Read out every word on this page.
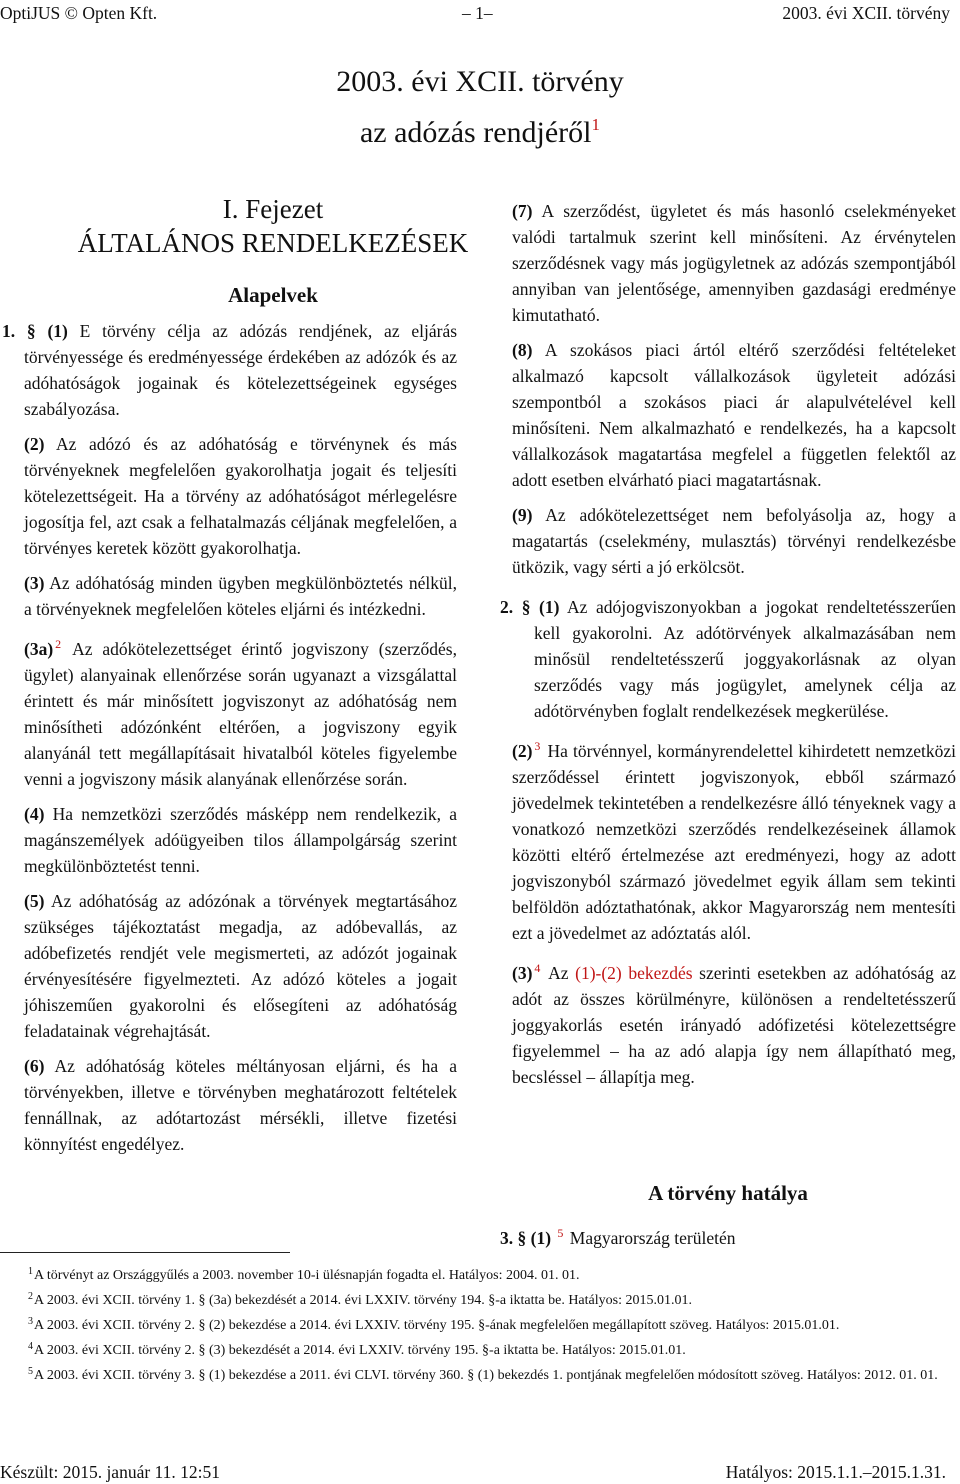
OptiJUS © Opten Kft.	– 1–	2003. évi XCII. törvény
2003. évi XCII. törvény
az adózás rendjéről$^1$
I. Fejezet
ÁLTALÁNOS RENDELKEZÉSEK
Alapelvek

1. § (1) E törvény célja az adózás rendjének, az eljárás törvényessége és eredményessége érdekében az adózók és az adóhatóságok jogainak és kötelezettségeinek egységes szabályozása.

(2) Az adózó és az adóhatóság e törvénynek és más törvényeknek megfelelően gyakorolhatja jogait és teljesíti kötelezettségeit. Ha a törvény az adóhatóságot mérlegelésre jogosítja fel, azt csak a felhatalmazás céljának megfelelően, a törvényes keretek között gyakorolhatja.

(3) Az adóhatóság minden ügyben megkülönböztetés nélkül, a törvényeknek megfelelően köteles eljárni és intézkedni.

(3a) $^2$ Az adókötelezettséget érintő jogviszony (szerződés, ügylet) alanyainak ellenőrzése során ugyanazt a vizsgálattal érintett és már minősített jogviszonyt az adóhatóság nem minősítheti adózónként eltérően, a jogviszony egyik alanyánál tett megállapításait hivatalból köteles figyelembe venni a jogviszony másik alanyának ellenőrzése során.

(4) Ha nemzetközi szerződés másképp nem rendelkezik, a magánszemélyek adóügyeiben tilos állampolgárság szerint megkülönböztetést tenni.

(5) Az adóhatóság az adózónak a törvények megtartásához szükséges tájékoztatást megadja, az adóbevallás, az adóbefizetés rendjét vele megismerteti, az adózót jogainak érvényesítésére figyelmezteti. Az adózó köteles a jogait jóhiszeműen gyakorolni és elősegíteni az adóhatóság feladatainak végrehajtását.

(6) Az adóhatóság köteles méltányosan eljárni, és ha a törvényekben, illetve e törvényben meghatározott feltételek fennállnak, az adótartozást mérsékli, illetve fizetési könnyítést engedélyez.

(7) A szerződést, ügyletet és más hasonló cselekményeket valódi tartalmuk szerint kell minősíteni. Az érvénytelen szerződésnek vagy más jogügyletnek az adózás szempontjából annyiban van jelentősége, amennyiben gazdasági eredménye kimutatható.

(8) A szokásos piaci ártól eltérő szerződési feltételeket alkalmazó kapcsolt vállalkozások ügyleteit adózási szempontból a szokásos piaci ár alapulvételével kell minősíteni. Nem alkalmazható e rendelkezés, ha a kapcsolt vállalkozások magatartása megfelel a független felektől az adott esetben elvárható piaci magatartásnak.

(9) Az adókötelezettséget nem befolyásolja az, hogy a magatartás (cselekmény, mulasztás) törvényi rendelkezésbe ütközik, vagy sérti a jó erkölcsöt.

2. § (1) Az adójogviszonyokban a jogokat rendeltetésszerűen kell gyakorolni. Az adótörvények alkalmazásában nem minősül rendeltetésszerű joggyakorlásnak az olyan szerződés vagy más jogügylet, amelynek célja az adótörvényben foglalt rendelkezések megkerülése.

(2) $^3$ Ha törvénnyel, kormányrendelettel kihirdetett nemzetközi szerződéssel érintett jogviszonyok, ebből származó jövedelmek tekintetében a rendelkezésre álló tényeknek vagy a vonatkozó nemzetközi szerződés rendelkezéseinek államok közötti eltérő értelmezése azt eredményezi, hogy az adott jogviszonyból származó jövedelmet egyik állam sem tekinti belföldön adóztathatónak, akkor Magyarország nem mentesíti ezt a jövedelmet az adóztatás alól.

(3) $^4$ Az (1)-(2) bekezdés szerinti esetekben az adóhatóság az adót az összes körülményre, különösen a rendeltetésszerű joggyakorlás esetén irányadó adófizetési kötelezettségre figyelemmel – ha az adó alapja így nem állapítható meg, becsléssel – állapítja meg.

A törvény hatálya
3. § (1) $^5$ Magyarország területén
$^1$A törvényt az Országgyűlés a 2003. november 10-i ülésnapján fogadta el. Hatályos: 2004. 01. 01.
$^2$A 2003. évi XCII. törvény 1. § (3a) bekezdését a 2014. évi LXXIV. törvény 194. §-a iktatta be. Hatályos: 2015.01.01.
$^3$A 2003. évi XCII. törvény 2. § (2) bekezdése a 2014. évi LXXIV. törvény 195. §-ának megfelelően megállapított szöveg. Hatályos: 2015.01.01.
$^4$A 2003. évi XCII. törvény 2. § (3) bekezdését a 2014. évi LXXIV. törvény 195. §-a iktatta be. Hatályos: 2015.01.01.
$^5$A 2003. évi XCII. törvény 3. § (1) bekezdése a 2011. évi CLVI. törvény 360. § (1) bekezdés 1. pontjának megfelelően módosított szöveg. Hatályos: 2012. 01. 01.
Készült: 2015. január 11. 12:51	Hatályos: 2015.1.1.–2015.1.31.
